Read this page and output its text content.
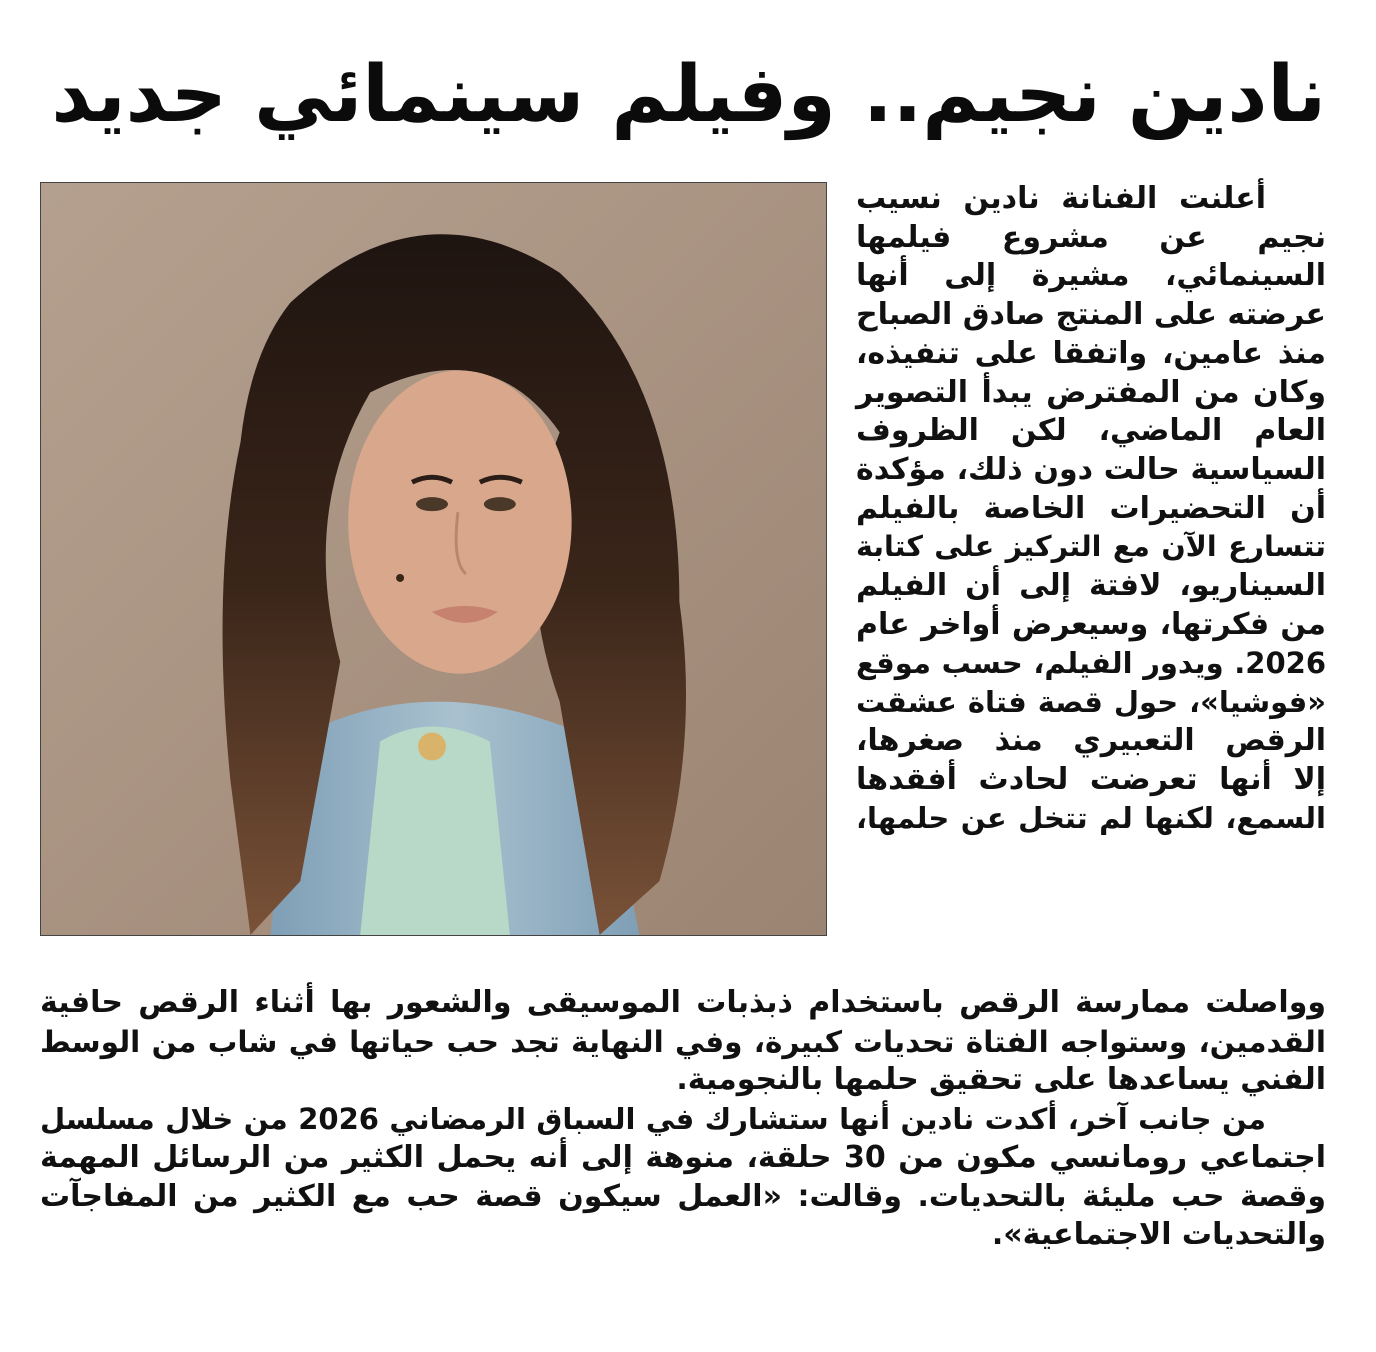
نادين نجيم.. وفيلم سينمائي جديد
أعلنت الفنانة نادين نسيب
نجيم عن مشروع فيلمها
السينمائي، مشيرة إلى أنها
عرضته على المنتج صادق الصباح
منذ عامين، واتفقا على تنفيذه،
وكان من المفترض يبدأ التصوير
العام الماضي، لكن الظروف
السياسية حالت دون ذلك، مؤكدة
أن التحضيرات الخاصة بالفيلم
تتسارع الآن مع التركيز على كتابة
السيناريو، لافتة إلى أن الفيلم
من فكرتها، وسيعرض أواخر عام
2026. ويدور الفيلم، حسب موقع
«فوشيا»، حول قصة فتاة عشقت
الرقص التعبيري منذ صغرها،
إلا أنها تعرضت لحادث أفقدها
السمع، لكنها لم تتخل عن حلمها،
وواصلت ممارسة الرقص باستخدام ذبذبات الموسيقى والشعور بها أثناء الرقص حافية
القدمين، وستواجه الفتاة تحديات كبيرة، وفي النهاية تجد حب حياتها في شاب من الوسط
الفني يساعدها على تحقيق حلمها بالنجومية.
من جانب آخر، أكدت نادين أنها ستشارك في السباق الرمضاني 2026 من خلال مسلسل
اجتماعي رومانسي مكون من 30 حلقة، منوهة إلى أنه يحمل الكثير من الرسائل المهمة
وقصة حب مليئة بالتحديات. وقالت: «العمل سيكون قصة حب مع الكثير من المفاجآت
والتحديات الاجتماعية».
